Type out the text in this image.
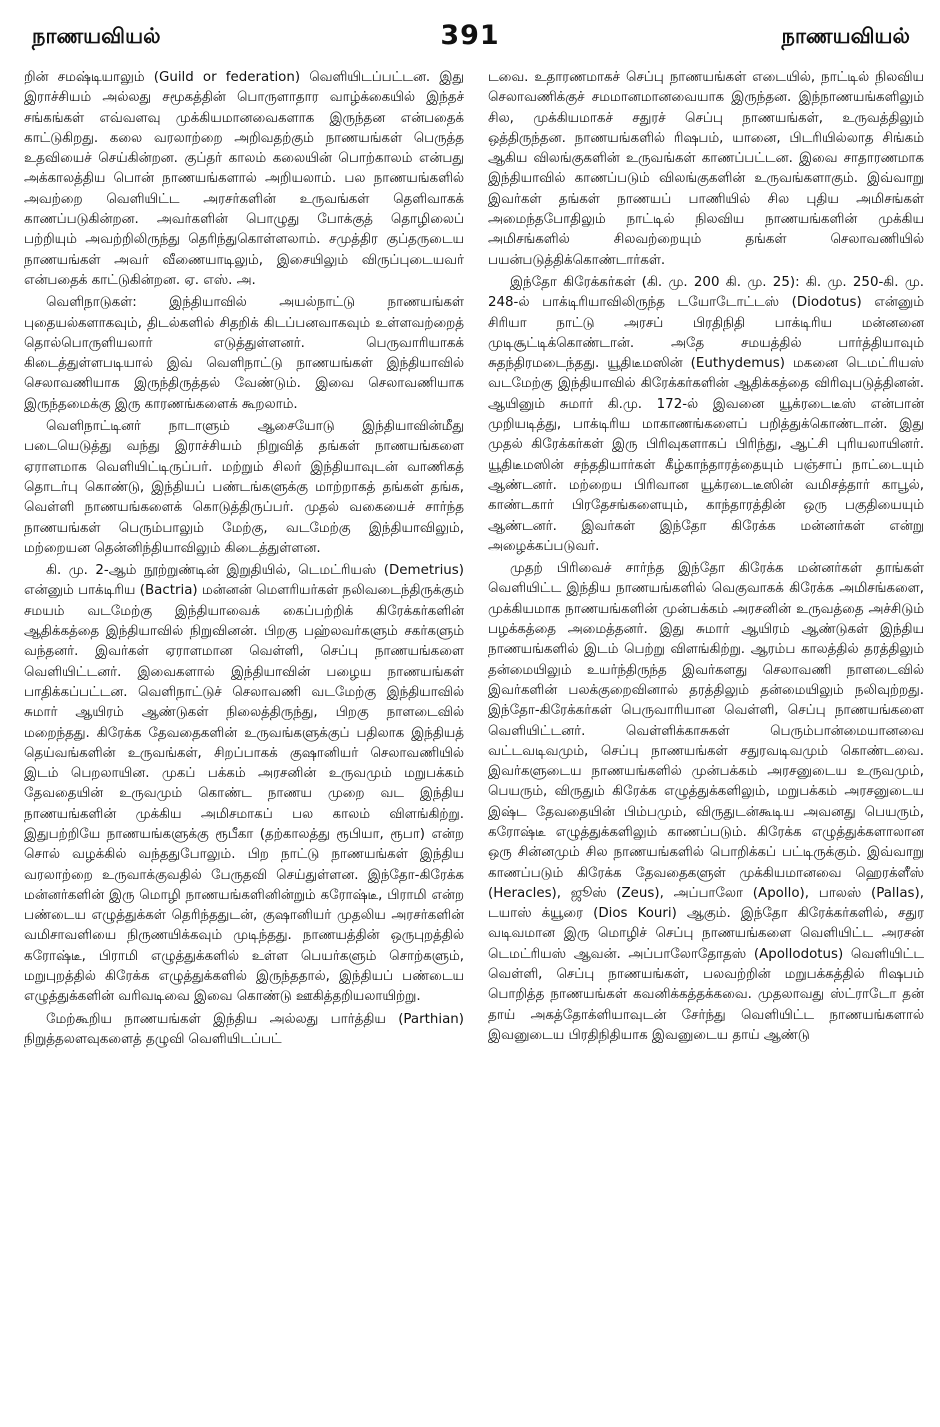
நாணயவியல்	391	நாணயவியல்

றின் சமஷ்டியாலும் (Guild or federation) வெளியிடப்பட்டன. இது இராச்சியம் அல்லது சமூகத்தின் பொருளாதார வாழ்க்கையில் இந்தச் சங்கங்கள் எவ்வளவு முக்கியமானவைகளாக இருந்தன என்பதைக் காட்டுகிறது. கலை வரலாற்றை அறிவதற்கும் நாணயங்கள் பெருத்த உதவியைச் செய்கின்றன. குப்தர் காலம் கலையின் பொற்காலம் என்பது அக்காலத்திய பொன் நாணயங்களால் அறியலாம். பல நாணயங்களில் அவற்றை வெளியிட்ட அரசர்களின் உருவங்கள் தெளிவாகக் காணப்படுகின்றன. அவர்களின் பொழுது போக்குத் தொழிலைப் பற்றியும் அவற்றிலிருந்து தெரிந்துகொள்ளலாம். சமுத்திர குப்தருடைய நாணயங்கள் அவர் வீணையாடிலும், இசையிலும் விருப்புடையவர் என்பதைக் காட்டுகின்றன. ஏ. எஸ். அ.

வெளிநாடுகள்: இந்தியாவில் அயல்நாட்டு நாணயங்கள் புதையல்களாகவும், திடல்களில் சிதறிக் கிடப்பனவாகவும் உள்ளவற்றைத் தொல்பொருளியலார் எடுத்துள்ளனர். பெருவாரியாகக் கிடைத்துள்ளபடியால் இவ் வெளிநாட்டு நாணயங்கள் இந்தியாவில் செலாவணியாக இருந்திருத்தல் வேண்டும். இவை செலாவணியாக இருந்தமைக்கு இரு காரணங்களைக் கூறலாம்.

வெளிநாட்டினர் நாடாளும் ஆசையோடு இந்தியாவின்மீது படையெடுத்து வந்து இராச்சியம் நிறுவித் தங்கள் நாணயங்களை ஏராளமாக வெளியிட்டிருப்பர். மற்றும் சிலர் இந்தியாவுடன் வாணிகத் தொடர்பு கொண்டு, இந்தியப் பண்டங்களுக்கு மாற்றாகத் தங்கள் தங்க, வெள்ளி நாணயங்களைக் கொடுத்திருப்பர். முதல் வகையைச் சார்ந்த நாணயங்கள் பெரும்பாலும் மேற்கு, வடமேற்கு இந்தியாவிலும், மற்றையன தென்னிந்தியாவிலும் கிடைத்துள்ளன.

கி. மு. 2-ஆம் நூற்றுண்டின் இறுதியில், டெமட்ரியஸ் (Demetrius) என்னும் பாக்டிரிய (Bactria) மன்னன் மௌரியர்கள் நலிவடைந்திருக்கும் சமயம் வடமேற்கு இந்தியாவைக் கைப்பற்றிக் கிரேக்கர்களின் ஆதிக்கத்தை இந்தியாவில் நிறுவினன். பிறகு பஹ்லவர்களும் சகர்களும் வந்தனர். இவர்கள் ஏராளமான வெள்ளி, செப்பு நாணயங்களை வெளியிட்டனர். இவைகளால் இந்தியாவின் பழைய நாணயங்கள் பாதிக்கப்பட்டன. வெளிநாட்டுச் செலாவணி வடமேற்கு இந்தியாவில் சுமார் ஆயிரம் ஆண்டுகள் நிலைத்திருந்து, பிறகு நாளடைவில் மறைந்தது. கிரேக்க தேவதைகளின் உருவங்களுக்குப் பதிலாக இந்தியத் தெய்வங்களின் உருவங்கள், சிறப்பாகக் குஷானியர் செலாவணியில் இடம் பெறலாயின. முகப் பக்கம் அரசனின் உருவமும் மறுபக்கம் தேவதையின் உருவமும் கொண்ட நாணய முறை வட இந்திய நாணயங்களின் முக்கிய அமிசமாகப் பல காலம் விளங்கிற்று. இதுபற்றியே நாணயங்களுக்கு ரூபீகா (தற்காலத்து ரூபியா, ரூபா) என்ற சொல் வழக்கில் வந்ததுபோலும். பிற நாட்டு நாணயங்கள் இந்திய வரலாற்றை உருவாக்குவதில் பேருதவி செய்துள்ளன. இந்தோ-கிரேக்க மன்னர்களின் இரு மொழி நாணயங்களினின்றும் கரோஷ்டீ, பிராமி என்ற பண்டைய எழுத்துக்கள் தெரிந்ததுடன், குஷானியர் முதலிய அரசர்களின் வமிசாவளியை நிருணயிக்கவும் முடிந்தது. நாணயத்தின் ஒருபுறத்தில் கரோஷ்டீ, பிராமி எழுத்துக்களில் உள்ள பெயர்களும் சொற்களும், மறுபுறத்தில் கிரேக்க எழுத்துக்களில் இருந்ததால், இந்தியப் பண்டைய எழுத்துக்களின் வரிவடிவை இவை கொண்டு ஊகித்தறியலாயிற்று.

மேற்கூறிய நாணயங்கள் இந்திய அல்லது பார்த்திய (Parthian) நிறுத்தலளவுகளைத் தழுவி வெளியிடப்பட்

டவை. உதாரணமாகச் செப்பு நாணயங்கள் எடையில், நாட்டில் நிலவிய செலாவணிக்குச் சமமானமானவையாக இருந்தன. இந்நாணயங்களிலும் சில, முக்கியமாகச் சதுரச் செப்பு நாணயங்கள், உருவத்திலும் ஒத்திருந்தன. நாணயங்களில் ரிஷபம், யானை, பிடரியில்லாத சிங்கம் ஆகிய விலங்குகளின் உருவங்கள் காணப்பட்டன. இவை சாதாரணமாக இந்தியாவில் காணப்படும் விலங்குகளின் உருவங்களாகும். இவ்வாறு இவர்கள் தங்கள் நாணயப் பாணியில் சில புதிய அமிசங்கள் அமைந்தபோதிலும் நாட்டில் நிலவிய நாணயங்களின் முக்கிய அமிசங்களில் சிலவற்றையும் தங்கள் செலாவணியில் பயன்படுத்திக்கொண்டார்கள்.

இந்தோ கிரேக்கர்கள் (கி. மு. 200 கி. மு. 25): கி. மு. 250-கி. மு. 248-ல் பாக்டிரியாவிலிருந்த டயோடோட்டஸ் (Diodotus) என்னும் சிரியா நாட்டு அரசப் பிரதிநிதி பாக்டிரிய மன்னனை முடிசூட்டிக்கொண்டான். அதே சமயத்தில் பார்த்தியாவும் சுதந்திரமடைந்தது. யூதிடீமஸின் (Euthydemus) மகனை டெமட்ரியஸ் வடமேற்கு இந்தியாவில் கிரேக்கர்களின் ஆதிக்கத்தை விரிவுபடுத்தினன். ஆயினும் சுமார் கி.மு. 172-ல் இவனை யூக்ரடைடீஸ் என்பான் முறியடித்து, பாக்டிரிய மாகாணங்களைப் பறித்துக்கொண்டான். இது முதல் கிரேக்கர்கள் இரு பிரிவுகளாகப் பிரிந்து, ஆட்சி புரியலாயினர். யூதிடீமஸின் சந்ததியார்கள் கீழ்காந்தாரத்தையும் பஞ்சாப் நாட்டையும் ஆண்டனர். மற்றைய பிரிவான யூக்ரடைடீஸின் வமிசத்தார் காபூல், காண்டகார் பிரதேசங்களையும், காந்தாரத்தின் ஒரு பகுதியையும் ஆண்டனர். இவர்கள் இந்தோ கிரேக்க மன்னர்கள் என்று அழைக்கப்படுவர்.

முதற் பிரிவைச் சார்ந்த இந்தோ கிரேக்க மன்னர்கள் தாங்கள் வெளியிட்ட இந்திய நாணயங்களில் வெகுவாகக் கிரேக்க அமிசங்களை, முக்கியமாக நாணயங்களின் முன்பக்கம் அரசனின் உருவத்தை அச்சிடும் பழக்கத்தை அமைத்தனர். இது சுமார் ஆயிரம் ஆண்டுகள் இந்திய நாணயங்களில் இடம் பெற்று விளங்கிற்று. ஆரம்ப காலத்தில் தரத்திலும் தன்மையிலும் உயர்ந்திருந்த இவர்களது செலாவணி நாளடைவில் இவர்களின் பலக்குறைவினால் தரத்திலும் தன்மையிலும் நலிவுற்றது. இந்தோ-கிரேக்கர்கள் பெருவாரியான வெள்ளி, செப்பு நாணயங்களை வெளியிட்டனர். வெள்ளிக்காசுகள் பெரும்பான்மையானவை வட்டவடிவமும், செப்பு நாணயங்கள் சதுரவடிவமும் கொண்டவை. இவர்களுடைய நாணயங்களில் முன்பக்கம் அரசனுடைய உருவமும், பெயரும், விருதும் கிரேக்க எழுத்துக்களிலும், மறுபக்கம் அரசனுடைய இஷ்ட தேவதையின் பிம்பமும், விருதுடன்கூடிய அவனது பெயரும், கரோஷ்டீ எழுத்துக்களிலும் காணப்படும். கிரேக்க எழுத்துக்களாலான ஒரு சின்னமும் சில நாணயங்களில் பொறிக்கப் பட்டிருக்கும். இவ்வாறு காணப்படும் கிரேக்க தேவதைகளுள் முக்கியமானவை ஹெரக்ளீஸ் (Heracles), ஜூஸ் (Zeus), அப்பாலோ (Apollo), பாலஸ் (Pallas), டயாஸ் க்யூரை (Dios Kouri) ஆகும். இந்தோ கிரேக்கர்களில், சதுர வடிவமான இரு மொழிச் செப்பு நாணயங்களை வெளியிட்ட அரசன் டெமட்ரியஸ் ஆவன். அப்பாலோதோதஸ் (Apollodotus) வெளியிட்ட வெள்ளி, செப்பு நாணயங்கள், பலவற்றின் மறுபக்கத்தில் ரிஷபம் பொறித்த நாணயங்கள் கவனிக்கத்தக்கவை. முதலாவது ஸ்ட்ராடோ தன் தாய் அகத்தோக்ளியாவுடன் சேர்ந்து வெளியிட்ட நாணயங்களால் இவனுடைய பிரதிநிதியாக இவனுடைய தாய் ஆண்டு
